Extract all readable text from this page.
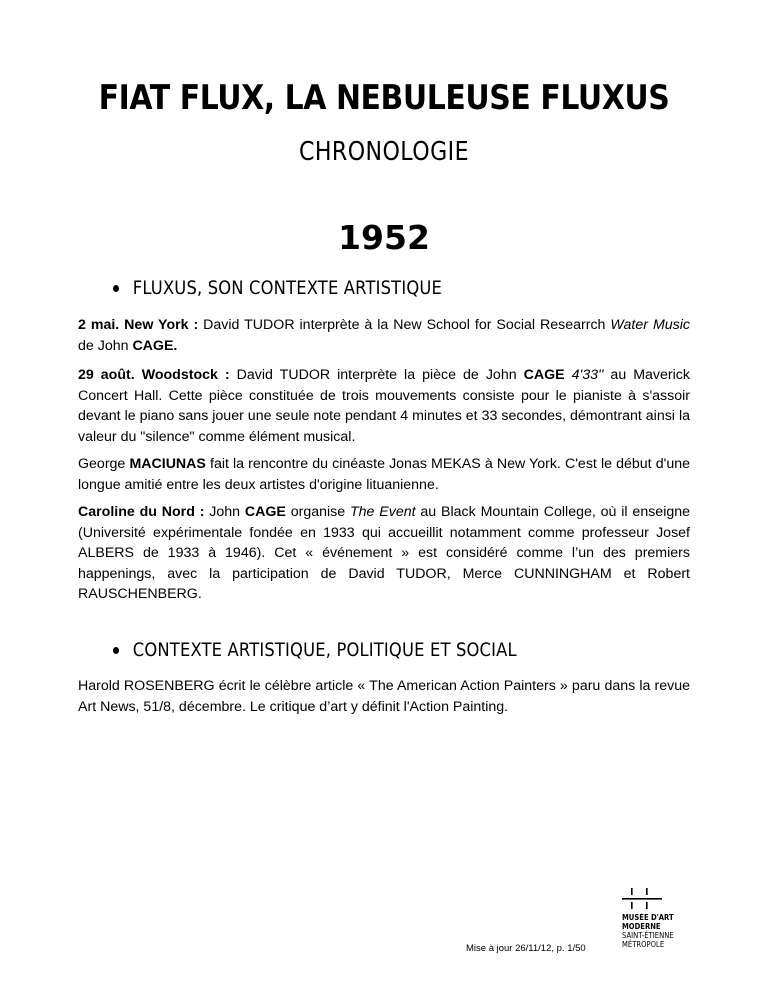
FIAT FLUX, LA NEBULEUSE FLUXUS
CHRONOLOGIE
1952
FLUXUS, SON CONTEXTE ARTISTIQUE
2 mai. New York : David TUDOR interprète à la New School for Social Researrch Water Music de John CAGE.
29 août. Woodstock : David TUDOR interprète la pièce de John CAGE 4'33'' au Maverick Concert Hall. Cette pièce constituée de trois mouvements consiste pour le pianiste à s'assoir devant le piano sans jouer une seule note pendant 4 minutes et 33 secondes, démontrant ainsi la valeur du "silence" comme élément musical.
George MACIUNAS fait la rencontre du cinéaste Jonas MEKAS à New York. C'est le début d'une longue amitié entre les deux artistes d'origine lituanienne.
Caroline du Nord : John CAGE organise The Event au Black Mountain College, où il enseigne (Université expérimentale fondée en 1933 qui accueillit notamment comme professeur Josef ALBERS de 1933 à 1946). Cet « événement » est considéré comme l’un des premiers happenings, avec la participation de David TUDOR, Merce CUNNINGHAM et Robert RAUSCHENBERG.
CONTEXTE ARTISTIQUE, POLITIQUE ET SOCIAL
Harold ROSENBERG écrit le célèbre article « The American Action Painters » paru dans la revue Art News, 51/8, décembre. Le critique d’art y définit l'Action Painting.
Mise à jour 26/11/12, p. 1/50
MUSÉE D'ART
MODERNE
SAINT-ÉTIENNE
MÉTROPOLE
